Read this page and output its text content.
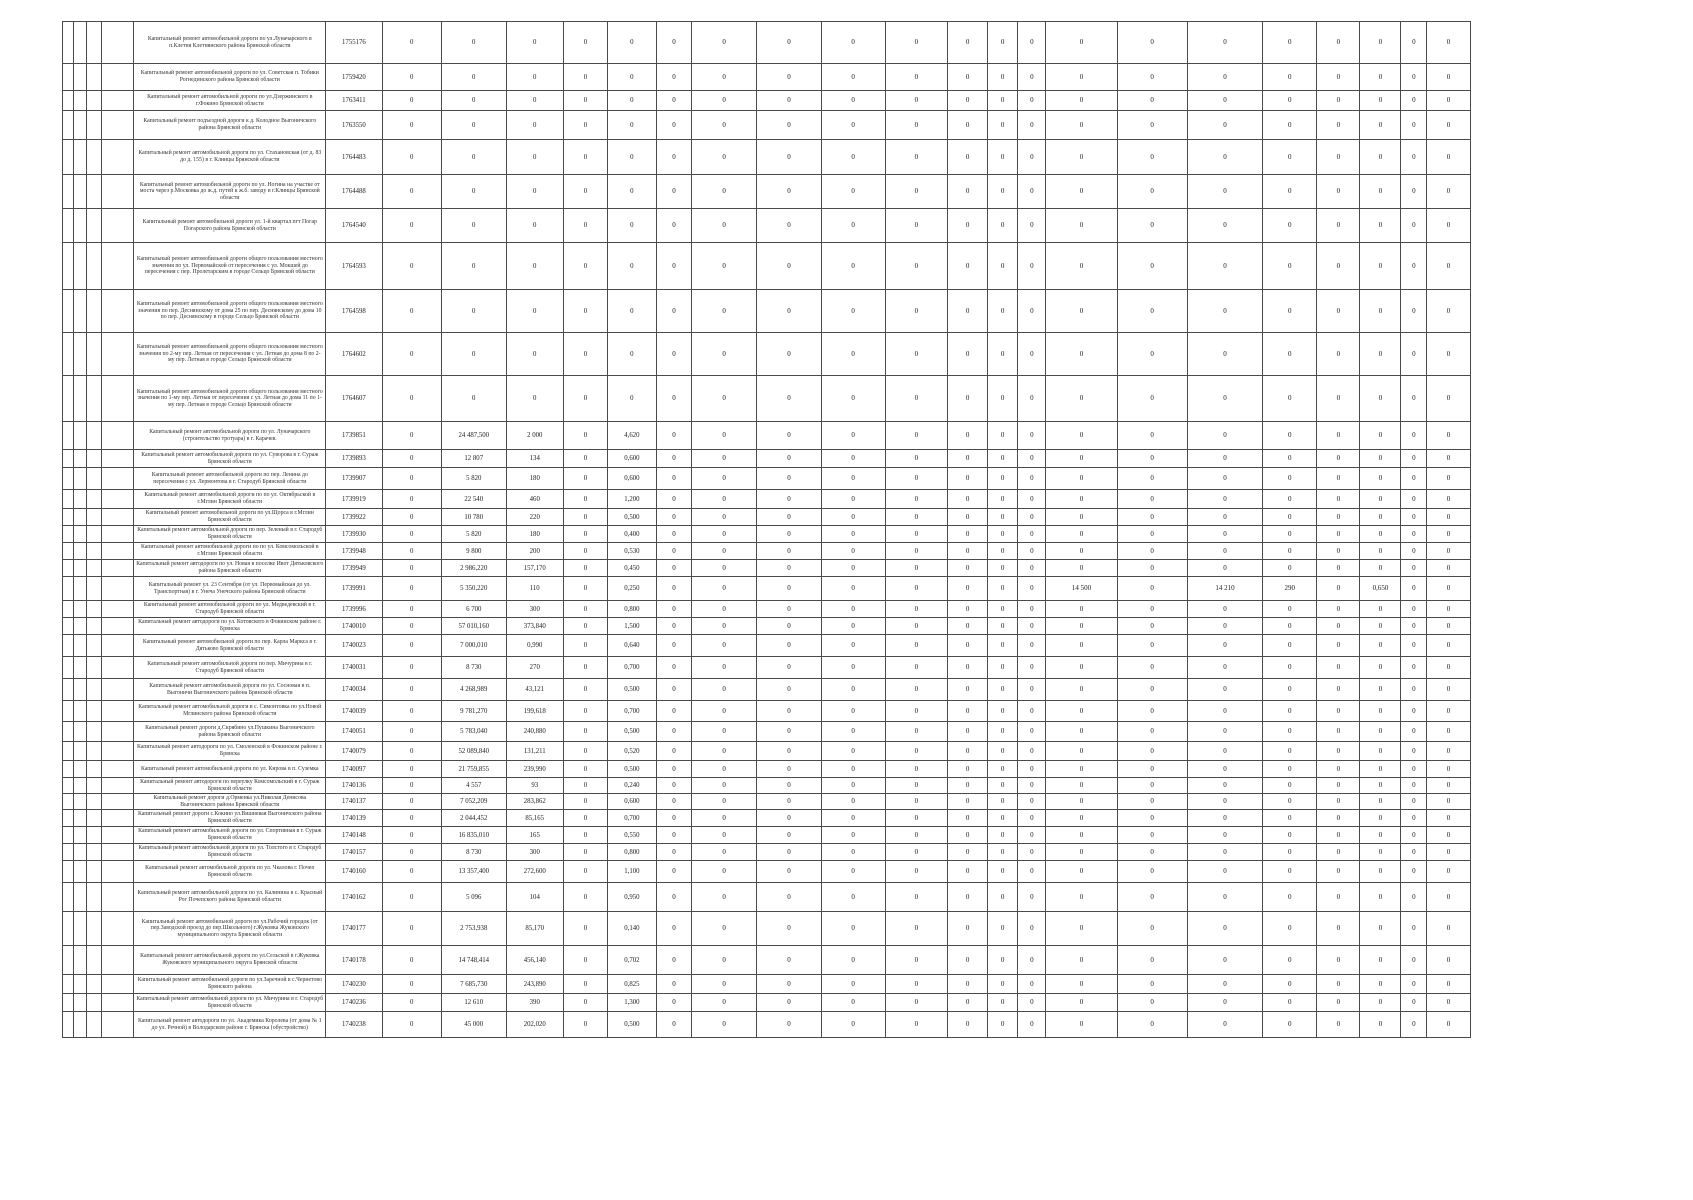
				Капитальный ремонт автомобильной дороги по ул.Луначарского в п.Клетня Клетнянского района Брянской области	1755176	0	0	0	0	0	0	0	0	0	0	0	0	0	0	0	0	0	0	0	0	0
				Капитальный ремонт автомобильной дороги по ул. Советская п. Тобики Рогнединского района Брянской области	1759420	0	0	0	0	0	0	0	0	0	0	0	0	0	0	0	0	0	0	0	0	0
				Капитальный ремонт автомобильной дороги по ул.Дзержинского в г.Фокино Брянской области	1763411	0	0	0	0	0	0	0	0	0	0	0	0	0	0	0	0	0	0	0	0	0
				Капитальный ремонт подъездной дороги к д. Колодное Выгоничского района Брянской области	1763550	0	0	0	0	0	0	0	0	0	0	0	0	0	0	0	0	0	0	0	0	0
				Капитальный ремонт автомобильной дороги по ул. Стахановская (от д. 83 до д. 155) в г. Клинцы Брянской области	1764483	0	0	0	0	0	0	0	0	0	0	0	0	0	0	0	0	0	0	0	0	0
				Капитальный ремонт автомобильной дороги по ул. Ногина на участке от моста через р.Московка до ж.д. путей к ж.б. заводу в г.Клинцы Брянской области	1764488	0	0	0	0	0	0	0	0	0	0	0	0	0	0	0	0	0	0	0	0	0
				Капитальный ремонт автомобильной дороги ул. 1-й квартал пгт Погар Погарского района Брянской области	1764540	0	0	0	0	0	0	0	0	0	0	0	0	0	0	0	0	0	0	0	0	0
				Капитальный ремонт автомобильной дороги общего пользования местного значения по ул. Первомайской от пересечения с ул. Мокшей до пересечения с пер. Пролетарским в городе Сельцо Брянской области	1764593	0	0	0	0	0	0	0	0	0	0	0	0	0	0	0	0	0	0	0	0	0
				Капитальный ремонт автомобильной дороги общего пользования местного значения по пер. Деснянскому от дома 25 по пер. Деснянскому до дома 10 по пер. Деснянскому в городе Сельцо Брянской области	1764598	0	0	0	0	0	0	0	0	0	0	0	0	0	0	0	0	0	0	0	0	0
				Капитальный ремонт автомобильной дороги общего пользования местного значения по 2-му пер. Летная от пересечения с ул. Летная до дома 8 по 2-му пер. Летная в городе Сельцо Брянской области	1764602	0	0	0	0	0	0	0	0	0	0	0	0	0	0	0	0	0	0	0	0	0
				Капитальный ремонт автомобильной дороги общего пользования местного значения по 1-му пер. Летная от пересечения с ул. Летная до дома 11 по 1-му пер. Летная в городе Сельцо Брянской области	1764607	0	0	0	0	0	0	0	0	0	0	0	0	0	0	0	0	0	0	0	0	0
				Капитальный ремонт автомобильной дороги по ул. Луначарского (строительство тротуара) в г. Карачев.	1739851	0	24 487,500	2 000	0	4,620	0	0	0	0	0	0	0	0	0	0	0	0	0	0	0	0
				Капитальный ремонт автомобильной дороги по ул. Суворова в г. Сураж Брянской области	1739893	0	12 807	134	0	0,600	0	0	0	0	0	0	0	0	0	0	0	0	0	0	0	0
				Капитальный ремонт автомобильной дороги по пер. Ленина до пересечения с ул. Лермонтова в г. Стародуб Брянской области	1739907	0	5 820	180	0	0,600	0	0	0	0	0	0	0	0	0	0	0	0	0	0	0	0
				Капитальный ремонт автомобильной дороги по по ул. Октябрьской в г.Мглин Брянской области	1739919	0	22 540	460	0	1,200	0	0	0	0	0	0	0	0	0	0	0	0	0	0	0	0
				Капитальный ремонт автомобильной дороги по ул.Щорса в г.Мглин Брянской области	1739922	0	10 780	220	0	0,500	0	0	0	0	0	0	0	0	0	0	0	0	0	0	0	0
				Капитальный ремонт автомобильной дороги по пер. Зеленый в г. Стародуб Брянской области	1739930	0	5 820	180	0	0,400	0	0	0	0	0	0	0	0	0	0	0	0	0	0	0	0
				Капитальный ремонт автомобильной дороги по по ул. Комсомольской в г.Мглин Брянской области	1739948	0	9 800	200	0	0,530	0	0	0	0	0	0	0	0	0	0	0	0	0	0	0	0
				Капитальный ремонт автодороги по ул. Новая в поселке Ивот Дятьковского района Брянской области	1739949	0	2 986,220	157,170	0	0,450	0	0	0	0	0	0	0	0	0	0	0	0	0	0	0	0
				Капитальный ремонт ул. 23 Сентября (от ул. Первомайская до ул. Транспортная) в г. Унеча Унечского района Брянской области	1739991	0	5 350,220	110	0	0,250	0	0	0	0	0	0	0	0	14 500	0	14 210	290	0	0,650	0	0
				Капитальный ремонт автомобильной дороги по ул. Медведевский в г. Стародуб Брянской области	1739996	0	6 700	300	0	0,800	0	0	0	0	0	0	0	0	0	0	0	0	0	0	0	0
				Капитальный ремонт автодороги по ул. Котовского в Фокинском районе г. Брянска	1740010	0	57 010,160	373,840	0	1,500	0	0	0	0	0	0	0	0	0	0	0	0	0	0	0	0
				Капитальный ремонт автомобильной дороги по пер. Карла Маркса в г. Дятьково Брянской области	1740023	0	7 000,010	0,990	0	0,640	0	0	0	0	0	0	0	0	0	0	0	0	0	0	0	0
				Капитальный ремонт автомобильной дороги по пер. Мичурина в г. Стародуб Брянской области	1740031	0	8 730	270	0	0,700	0	0	0	0	0	0	0	0	0	0	0	0	0	0	0	0
				Капитальный ремонт автомобильной дороги по ул. Сосновая в п. Выгоничи Выгоничского района Брянской области	1740034	0	4 268,989	43,121	0	0,500	0	0	0	0	0	0	0	0	0	0	0	0	0	0	0	0
				Капитальный ремонт автомобильной дороги в с. Симонтовка по ул.Новой Мглинского района Брянской области	1740039	0	9 781,270	199,618	0	0,700	0	0	0	0	0	0	0	0	0	0	0	0	0	0	0	0
				Капитальный ремонт дороги д.Скрябино ул.Пушкина Выгоничского района Брянской области	1740051	0	5 783,040	240,880	0	0,500	0	0	0	0	0	0	0	0	0	0	0	0	0	0	0	0
				Капитальный ремонт автодороги по ул. Смоленской в Фокинском районе г. Брянска	1740079	0	52 089,840	131,211	0	0,520	0	0	0	0	0	0	0	0	0	0	0	0	0	0	0	0
				Капитальный ремонт автомобильной дороги по ул. Кирова в п. Суземка	1740097	0	21 759,855	239,990	0	0,500	0	0	0	0	0	0	0	0	0	0	0	0	0	0	0	0
				Капитальный ремонт автодороги по переулку Комсомольский в г. Сураж Брянской области	1740136	0	4 557	93	0	0,240	0	0	0	0	0	0	0	0	0	0	0	0	0	0	0	0
				Капитальный ремонт дороги д.Орменка ул.Николая Денисова Выгоничского района Брянской области	1740137	0	7 052,209	283,862	0	0,600	0	0	0	0	0	0	0	0	0	0	0	0	0	0	0	0
				Капитальный ремонт дороги с.Кокино ул.Вишневая Выгоничского района Брянской области	1740139	0	2 044,452	85,165	0	0,700	0	0	0	0	0	0	0	0	0	0	0	0	0	0	0	0
				Капитальный ремонт автомобильной дороги по ул. Спортивная в г. Сураж Брянской области	1740148	0	16 835,010	165	0	0,550	0	0	0	0	0	0	0	0	0	0	0	0	0	0	0	0
				Капитальный ремонт автомобильной дороги по ул. Толстого в г. Стародуб Брянской области	1740157	0	8 730	300	0	0,800	0	0	0	0	0	0	0	0	0	0	0	0	0	0	0	0
				Капитальный ремонт автомобильной дороги по ул. Чкалова г. Почеп Брянской области	1740160	0	13 357,400	272,600	0	1,100	0	0	0	0	0	0	0	0	0	0	0	0	0	0	0	0
				Капитальный ремонт автомобильной дороги по ул. Калинина в с. Красный Рог Почепского района Брянской области	1740162	0	5 096	104	0	0,950	0	0	0	0	0	0	0	0	0	0	0	0	0	0	0	0
				Капитальный ремонт автомобильной дороги по ул.Рабочий городок (от пер.Заводской проезд до пер.Школьного) г.Жуковка Жуковского муниципального округа Брянской области	1740177	0	2 753,938	85,170	0	0,140	0	0	0	0	0	0	0	0	0	0	0	0	0	0	0	0
				Капитальный ремонт автомобильной дороги по ул.Сельской в г.Жуковка Жуковского муниципального округа Брянской области	1740178	0	14 748,414	456,140	0	0,702	0	0	0	0	0	0	0	0	0	0	0	0	0	0	0	0
				Капитальный ремонт автомобильной дороги по ул.Заречной в с.Чернетово Брянского района	1740230	0	7 685,730	243,890	0	0,825	0	0	0	0	0	0	0	0	0	0	0	0	0	0	0	0
				Капитальный ремонт автомобильной дороги по ул. Мичурина в г. Стародуб Брянской области	1740236	0	12 610	390	0	1,300	0	0	0	0	0	0	0	0	0	0	0	0	0	0	0	0
				Капитальный ремонт автодороги по ул. Академика Королева (от дома № 1 до ул. Речной) в Володарском районе г. Брянска (обустройство)	1740238	0	45 000	202,020	0	0,500	0	0	0	0	0	0	0	0	0	0	0	0	0	0	0	0
